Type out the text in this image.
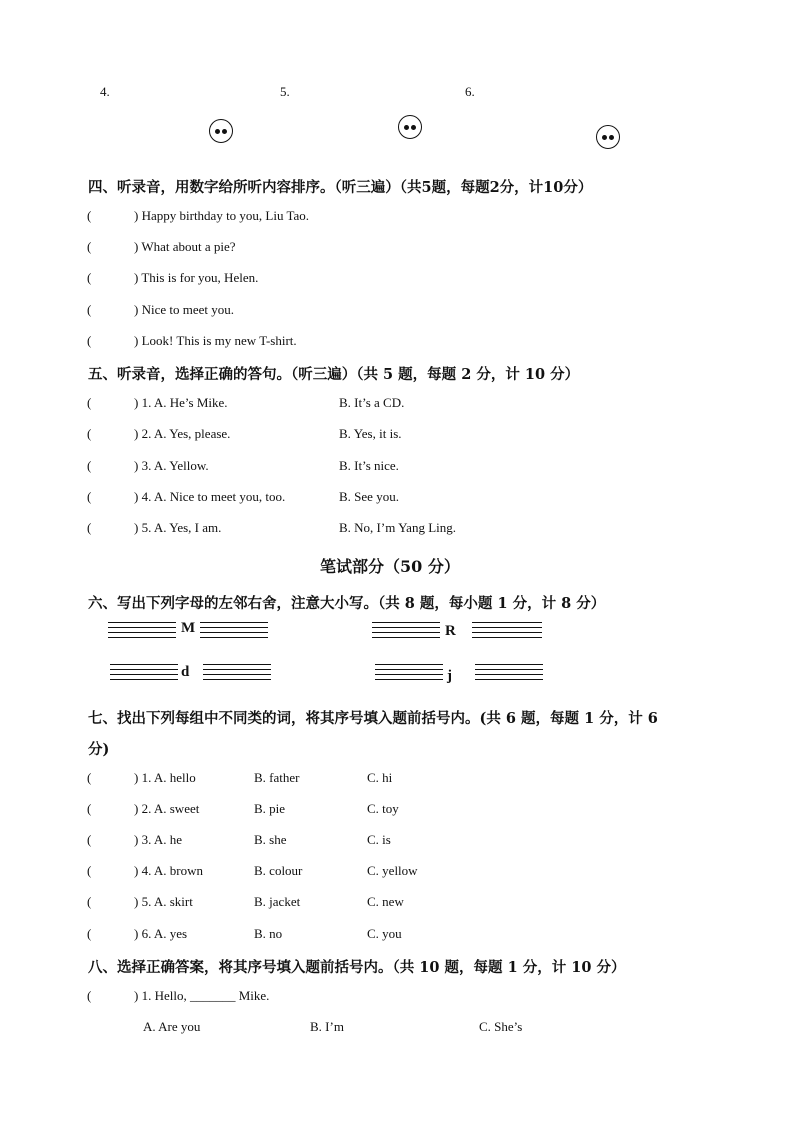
4.	5.	6.
四、听录音，用数字给所听内容排序。（听三遍）（共5题，每题2分，计10分）
(	) Happy birthday to you, Liu Tao.
(	) What about a pie?
(	) This is for you, Helen.
(	) Nice to meet you.
(	) Look! This is my new T-shirt.
五、听录音，选择正确的答句。（听三遍）（共 5 题，每题 2 分，计 10 分）
(	) 1. A. He’s Mike.	B. It’s a CD.
(	) 2. A. Yes, please.	B. Yes, it is.
(	) 3. A. Yellow.	B. It’s nice.
(	) 4. A. Nice to meet you, too.	B. See you.
(	) 5. A. Yes, I am.	B. No, I’m Yang Ling.
笔试部分（50 分）
六、写出下列字母的左邻右舍，注意大小写。（共 8 题，每小题 1 分，计 8 分）
M	R
d	j
七、找出下列每组中不同类的词，将其序号填入题前括号内。(共 6 题，每题 1 分，计 6
分)
(	) 1. A. hello	B. father	C. hi
(	) 2. A. sweet	B. pie	C. toy
(	) 3. A. he	B. she	C. is
(	) 4. A. brown	B. colour	C. yellow
(	) 5. A. skirt	B. jacket	C. new
(	) 6. A. yes	B. no	C. you
八、选择正确答案，将其序号填入题前括号内。（共 10 题，每题 1 分，计 10 分）
(	) 1. Hello, _______ Mike.
A. Are you	B. I’m	C. She’s
